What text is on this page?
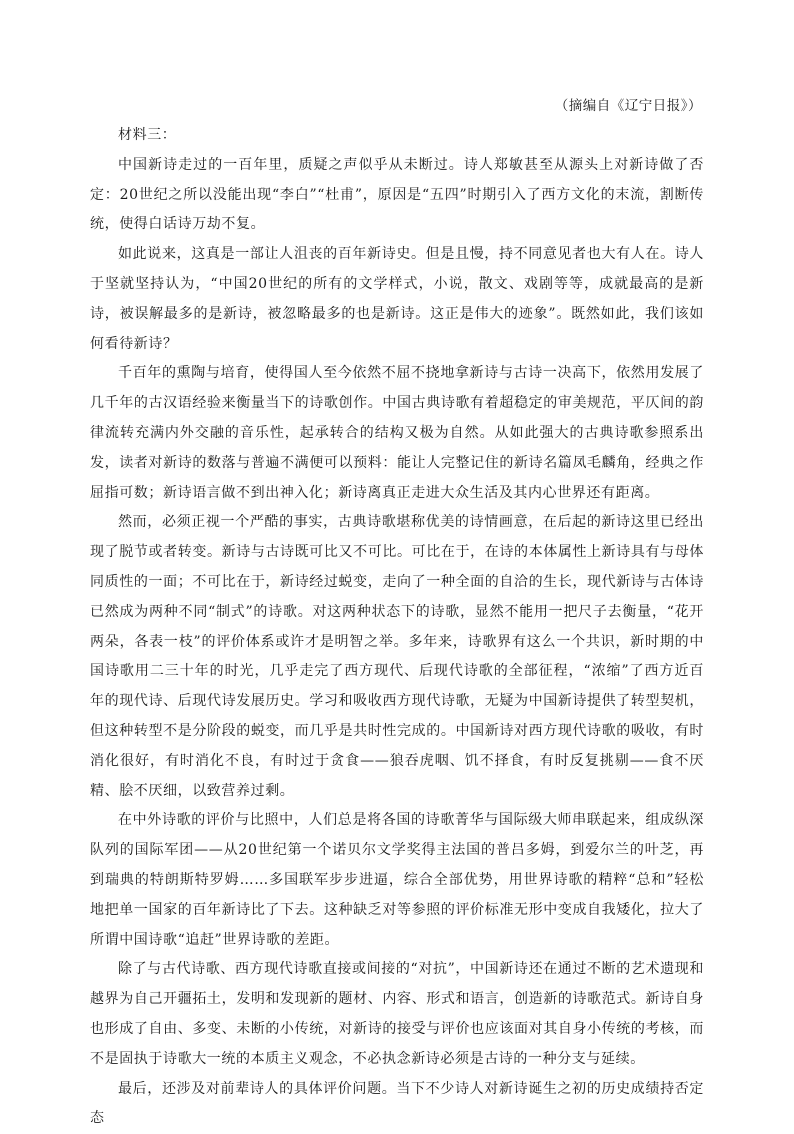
（摘编自《辽宁日报》）

材料三：

中国新诗走过的一百年里，质疑之声似乎从未断过。诗人郑敏甚至从源头上对新诗做了否定：20世纪之所以没能出现“李白”“杜甫”，原因是“五四”时期引入了西方文化的末流，割断传统，使得白话诗万劫不复。

如此说来，这真是一部让人沮丧的百年新诗史。但是且慢，持不同意见者也大有人在。诗人于坚就坚持认为，“中国20世纪的所有的文学样式，小说，散文、戏剧等等，成就最高的是新诗，被误解最多的是新诗，被忽略最多的也是新诗。这正是伟大的迹象”。既然如此，我们该如何看待新诗？

千百年的熏陶与培育，使得国人至今依然不屈不挠地拿新诗与古诗一决高下，依然用发展了几千年的古汉语经验来衡量当下的诗歌创作。中国古典诗歌有着超稳定的审美规范，平仄间的韵律流转充满内外交融的音乐性，起承转合的结构又极为自然。从如此强大的古典诗歌参照系出发，读者对新诗的数落与普遍不满便可以预料：能让人完整记住的新诗名篇凤毛麟角，经典之作屈指可数；新诗语言做不到出神入化；新诗离真正走进大众生活及其内心世界还有距离。

然而，必须正视一个严酷的事实，古典诗歌堪称优美的诗情画意，在后起的新诗这里已经出现了脱节或者转变。新诗与古诗既可比又不可比。可比在于，在诗的本体属性上新诗具有与母体同质性的一面；不可比在于，新诗经过蜕变，走向了一种全面的自洽的生长，现代新诗与古体诗已然成为两种不同“制式”的诗歌。对这两种状态下的诗歌，显然不能用一把尺子去衡量，“花开两朵，各表一枝”的评价体系或许才是明智之举。多年来，诗歌界有这么一个共识，新时期的中国诗歌用二三十年的时光，几乎走完了西方现代、后现代诗歌的全部征程，“浓缩”了西方近百年的现代诗、后现代诗发展历史。学习和吸收西方现代诗歌，无疑为中国新诗提供了转型契机，但这种转型不是分阶段的蜕变，而几乎是共时性完成的。中国新诗对西方现代诗歌的吸收，有时消化很好，有时消化不良，有时过于贪食——狼吞虎咽、饥不择食，有时反复挑剔——食不厌精、脍不厌细，以致营养过剩。

在中外诗歌的评价与比照中，人们总是将各国的诗歌菁华与国际级大师串联起来，组成纵深队列的国际军团——从20世纪第一个诺贝尔文学奖得主法国的普吕多姆，到爱尔兰的叶芝，再到瑞典的特朗斯特罗姆……多国联军步步进逼，综合全部优势，用世界诗歌的精粹“总和”轻松地把单一国家的百年新诗比了下去。这种缺乏对等参照的评价标准无形中变成自我矮化，拉大了所谓中国诗歌“追赶”世界诗歌的差距。

除了与古代诗歌、西方现代诗歌直接或间接的“对抗”，中国新诗还在通过不断的艺术遗现和越界为自己开疆拓土，发明和发现新的题材、内容、形式和语言，创造新的诗歌范式。新诗自身也形成了自由、多变、未断的小传统，对新诗的接受与评价也应该面对其自身小传统的考核，而不是固执于诗歌大一统的本质主义观念，不必执念新诗必须是古诗的一种分支与延续。

最后，还涉及对前辈诗人的具体评价问题。当下不少诗人对新诗诞生之初的历史成绩持否定态
